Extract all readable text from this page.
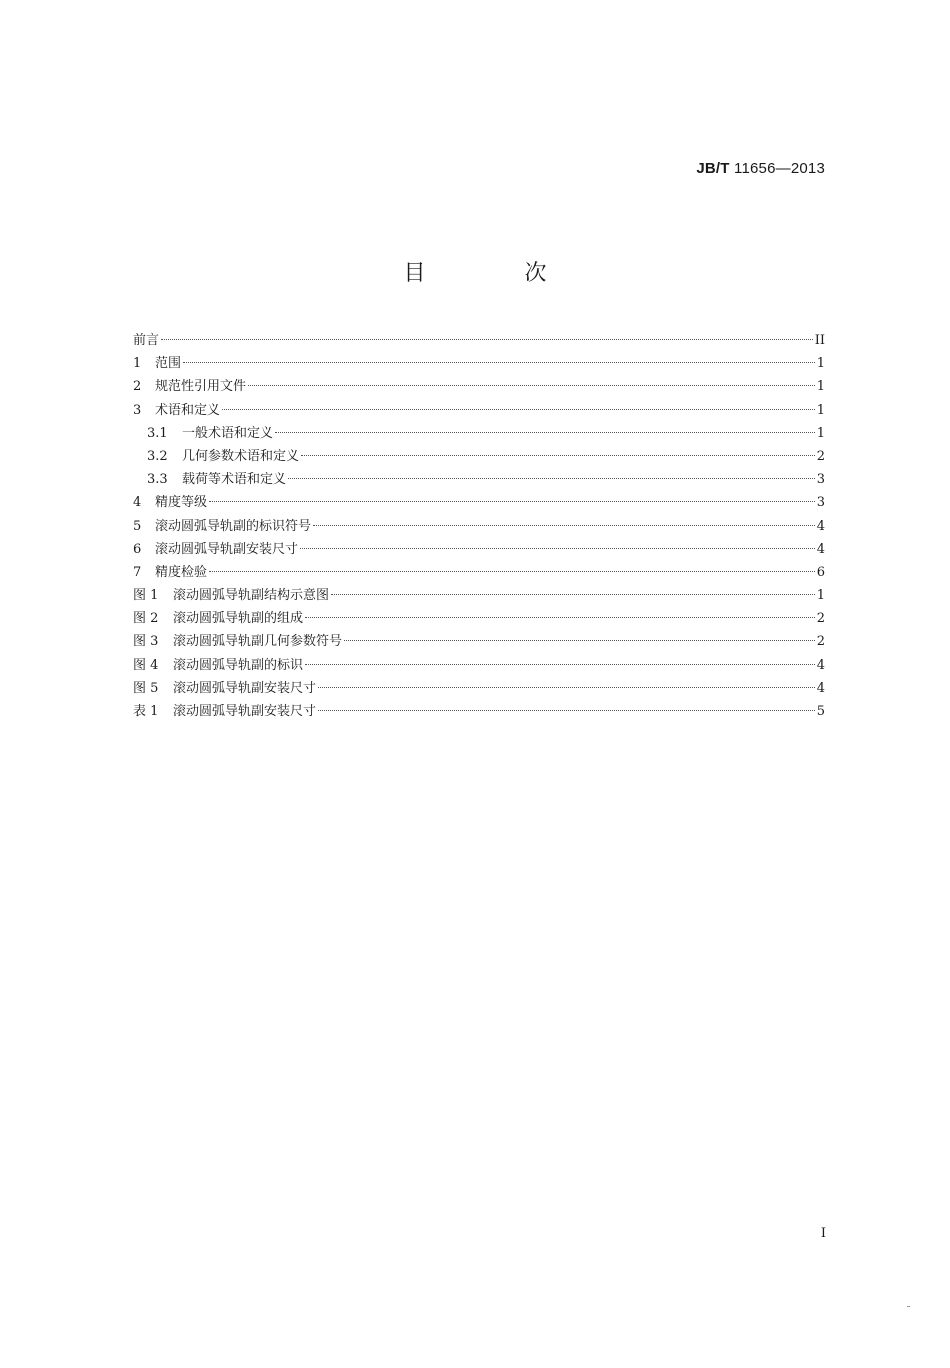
JB/T 11656—2013
目 次
前言	II
1	范围	1
2	规范性引用文件	1
3	术语和定义	1
3.1	一般术语和定义	1
3.2	几何参数术语和定义	2
3.3	载荷等术语和定义	3
4	精度等级	3
5	滚动圆弧导轨副的标识符号	4
6	滚动圆弧导轨副安装尺寸	4
7	精度检验	6
图 1	滚动圆弧导轨副结构示意图	1
图 2	滚动圆弧导轨副的组成	2
图 3	滚动圆弧导轨副几何参数符号	2
图 4	滚动圆弧导轨副的标识	4
图 5	滚动圆弧导轨副安装尺寸	4
表 1	滚动圆弧导轨副安装尺寸	5
I
